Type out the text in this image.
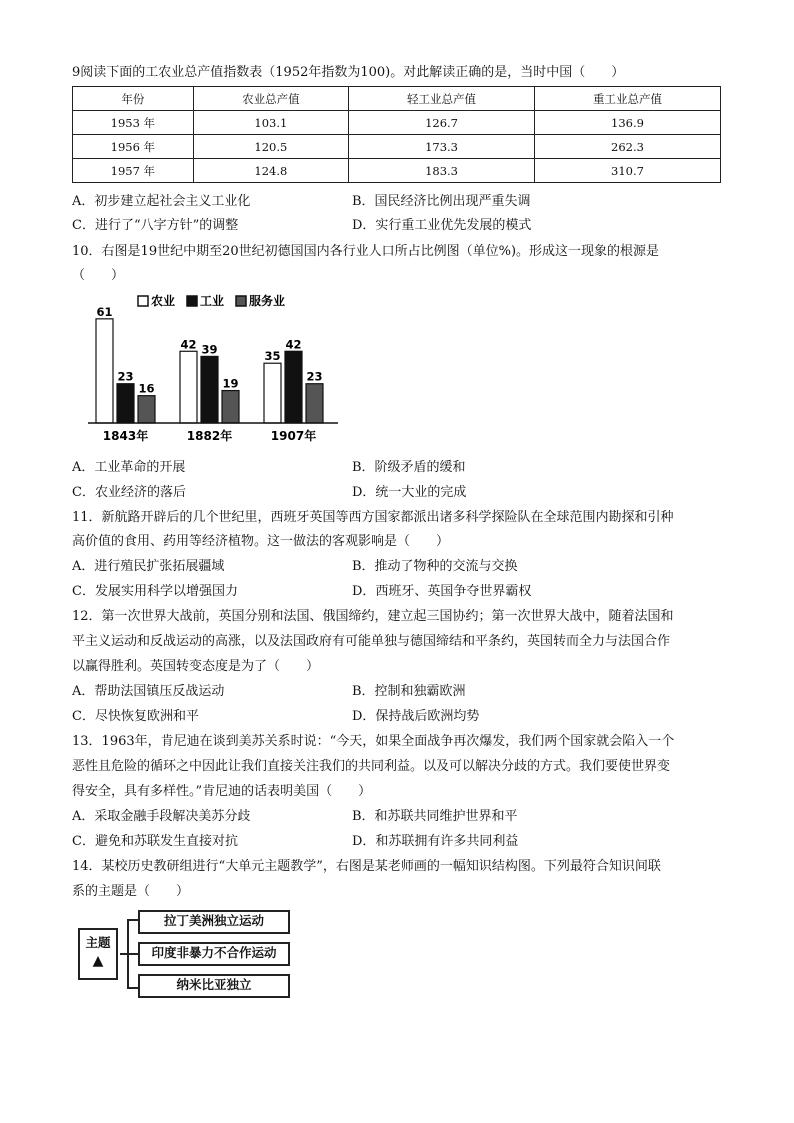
9阅读下面的工农业总产值指数表（1952年指数为100)。对此解读正确的是，当时中国（　　）
年份	农业总产值	轻工业总产值	重工业总产值
1953 年	103.1	126.7	136.9
1956 年	120.5	173.3	262.3
1957 年	124.8	183.3	310.7
A．初步建立起社会主义工业化	B．国民经济比例出现严重失调
C．进行了“八字方针”的调整	D．实行重工业优先发展的模式
10．右图是19世纪中期至20世纪初德国国内各行业人口所占比例图（单位%)。形成这一现象的根源是
（　　）
农业 工业 服务业
61
23
16
42 39
19
35
42
23
1843年	1882年	1907年
A．工业革命的开展	B．阶级矛盾的缓和
C．农业经济的落后	D．统一大业的完成
11．新航路开辟后的几个世纪里，西班牙英国等西方国家都派出诸多科学探险队在全球范围内勘探和引种
高价值的食用、药用等经济植物。这一做法的客观影响是（　　）
A．进行殖民扩张拓展疆域	B．推动了物种的交流与交换
C．发展实用科学以增强国力	D．西班牙、英国争夺世界霸权
12．第一次世界大战前，英国分别和法国、俄国缔约，建立起三国协约；第一次世界大战中，随着法国和
平主义运动和反战运动的高涨，以及法国政府有可能单独与德国缔结和平条约，英国转而全力与法国合作
以赢得胜利。英国转变态度是为了（　　）
A．帮助法国镇压反战运动	B．控制和独霸欧洲
C．尽快恢复欧洲和平	D．保持战后欧洲均势
13．1963年，肯尼迪在谈到美苏关系时说：“今天，如果全面战争再次爆发，我们两个国家就会陷入一个
恶性且危险的循环之中因此让我们直接关注我们的共同利益。以及可以解决分歧的方式。我们要使世界变
得安全，具有多样性。”肯尼迪的话表明美国（　　）
A．采取金融手段解决美苏分歧	B．和苏联共同维护世界和平
C．避免和苏联发生直接对抗	D．和苏联拥有许多共同利益
14．某校历史教研组进行“大单元主题教学”，右图是某老师画的一幅知识结构图。下列最符合知识间联
系的主题是（　　）
主题
▲
拉丁美洲独立运动
印度非暴力不合作运动
纳米比亚独立
